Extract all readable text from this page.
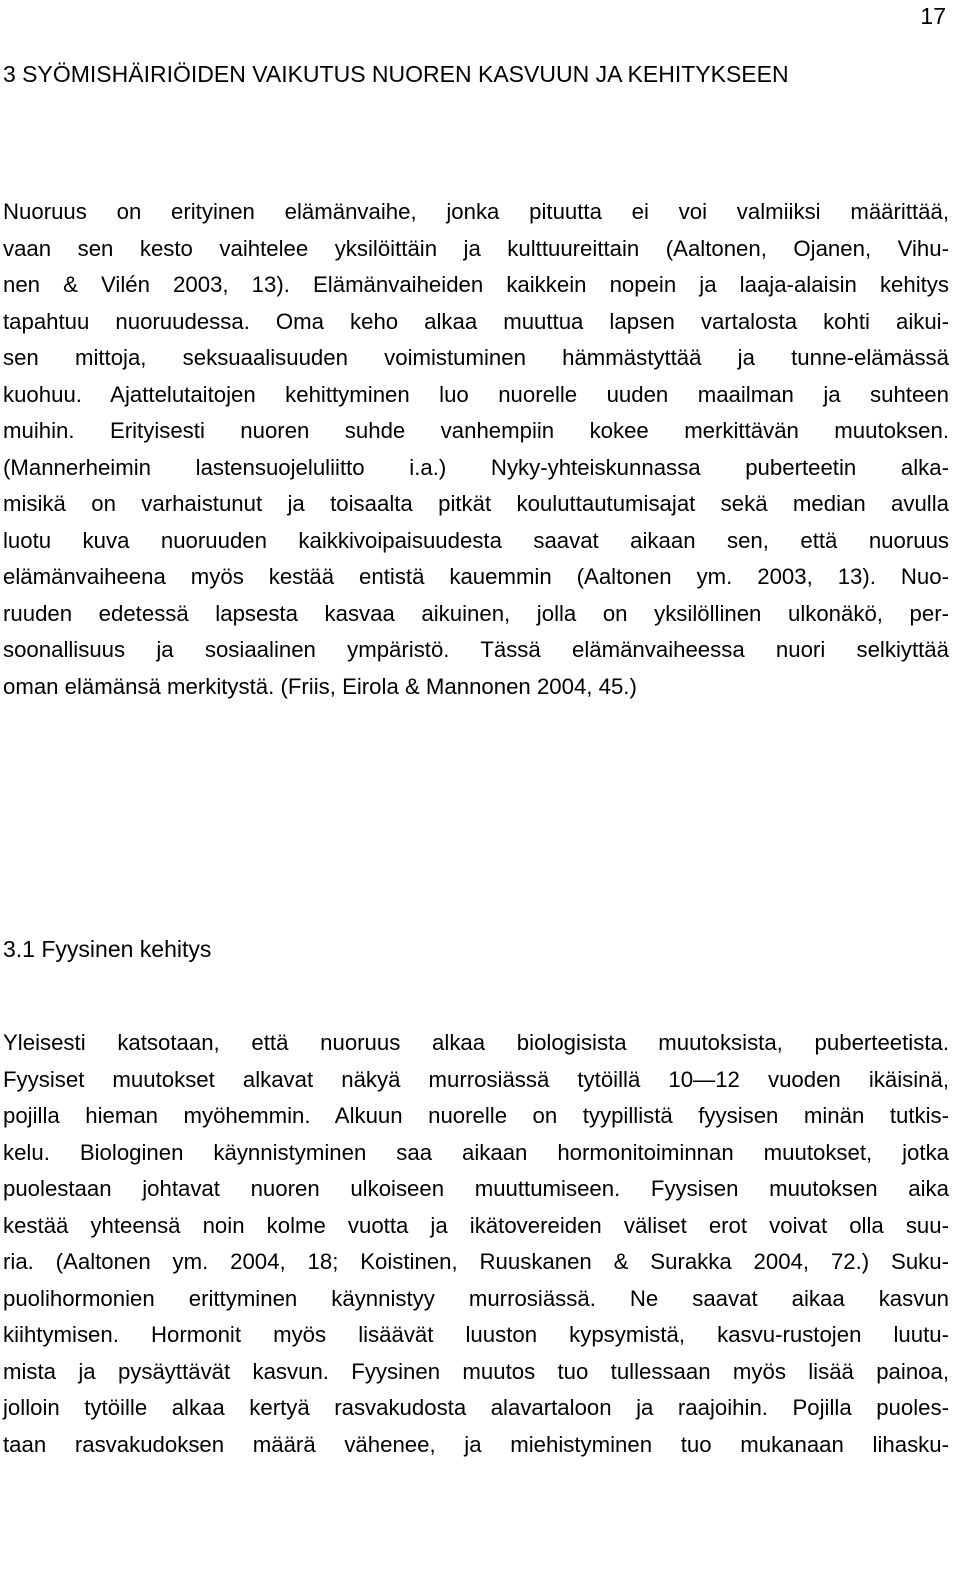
17
3 SYÖMISHÄIRIÖIDEN VAIKUTUS NUOREN KASVUUN JA KEHITYKSEEN
Nuoruus on erityinen elämänvaihe, jonka pituutta ei voi valmiiksi määrittää,
vaan sen kesto vaihtelee yksilöittäin ja kulttuureittain (Aaltonen, Ojanen, Vihu-
nen & Vilén 2003, 13). Elämänvaiheiden kaikkein nopein ja laaja-alaisin kehitys
tapahtuu nuoruudessa. Oma keho alkaa muuttua lapsen vartalosta kohti aikui-
sen mittoja, seksuaalisuuden voimistuminen hämmästyttää ja tunne-elämässä
kuohuu. Ajattelutaitojen kehittyminen luo nuorelle uuden maailman ja suhteen
muihin. Erityisesti nuoren suhde vanhempiin kokee merkittävän muutoksen.
(Mannerheimin lastensuojeluliitto i.a.) Nyky-yhteiskunnassa puberteetin alka-
misikä on varhaistunut ja toisaalta pitkät kouluttautumisajat sekä median avulla
luotu kuva nuoruuden kaikkivoipaisuudesta saavat aikaan sen, että nuoruus
elämänvaiheena myös kestää entistä kauemmin (Aaltonen ym. 2003, 13). Nuo-
ruuden edetessä lapsesta kasvaa aikuinen, jolla on yksilöllinen ulkonäkö, per-
soonallisuus ja sosiaalinen ympäristö. Tässä elämänvaiheessa nuori selkiyttää
oman elämänsä merkitystä. (Friis, Eirola & Mannonen 2004, 45.)
3.1 Fyysinen kehitys
Yleisesti katsotaan, että nuoruus alkaa biologisista muutoksista, puberteetista.
Fyysiset muutokset alkavat näkyä murrosiässä tytöillä 10—12 vuoden ikäisinä,
pojilla hieman myöhemmin. Alkuun nuorelle on tyypillistä fyysisen minän tutkis-
kelu. Biologinen käynnistyminen saa aikaan hormonitoiminnan muutokset, jotka
puolestaan johtavat nuoren ulkoiseen muuttumiseen. Fyysisen muutoksen aika
kestää yhteensä noin kolme vuotta ja ikätovereiden väliset erot voivat olla suu-
ria. (Aaltonen ym. 2004, 18; Koistinen, Ruuskanen & Surakka 2004, 72.) Suku-
puolihormonien erittyminen käynnistyy murrosiässä. Ne saavat aikaa kasvun
kiihtymisen. Hormonit myös lisäävät luuston kypsymistä, kasvu-rustojen luutu-
mista ja pysäyttävät kasvun. Fyysinen muutos tuo tullessaan myös lisää painoa,
jolloin tytöille alkaa kertyä rasvakudosta alavartaloon ja raajoihin. Pojilla puoles-
taan rasvakudoksen määrä vähenee, ja miehistyminen tuo mukanaan lihasku-
